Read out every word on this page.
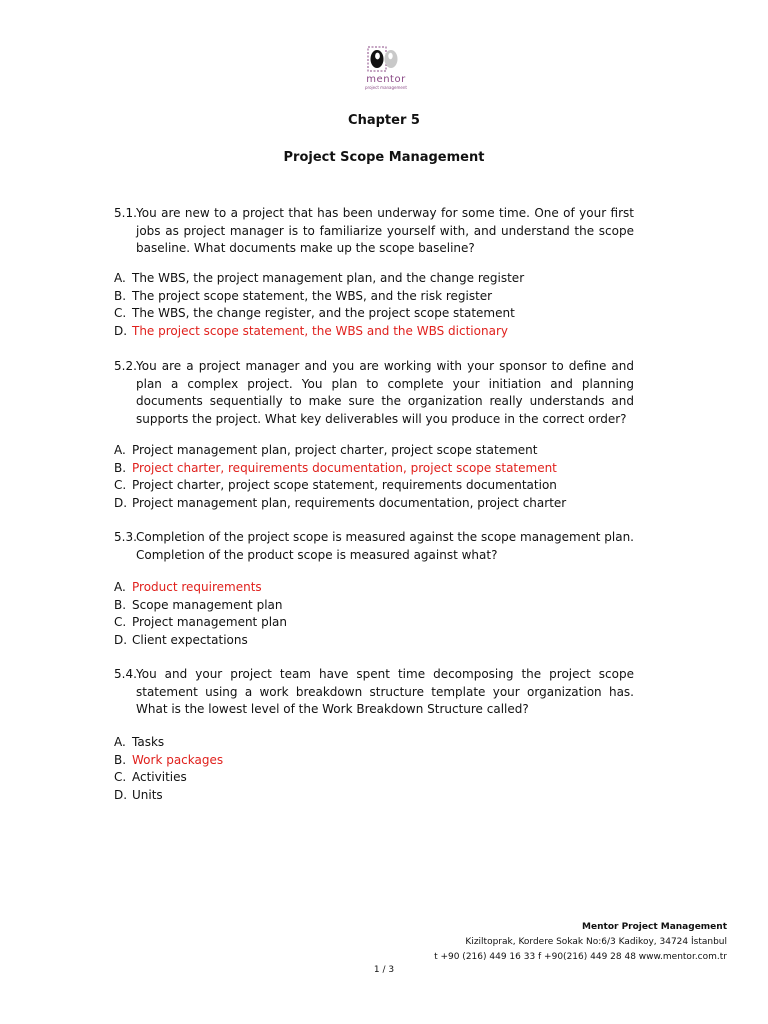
mentor
project management
Chapter 5
Project Scope Management
5.1. You are new to a project that has been underway for some time. One of your first jobs as project manager is to familiarize yourself with, and understand the scope baseline. What documents make up the scope baseline?
A. The WBS, the project management plan, and the change register
B. The project scope statement, the WBS, and the risk register
C. The WBS, the change register, and the project scope statement
D. The project scope statement, the WBS and the WBS dictionary
5.2. You are a project manager and you are working with your sponsor to define and plan a complex project. You plan to complete your initiation and planning documents sequentially to make sure the organization really understands and supports the project. What key deliverables will you produce in the correct order?
A. Project management plan, project charter, project scope statement
B. Project charter, requirements documentation, project scope statement
C. Project charter, project scope statement, requirements documentation
D. Project management plan, requirements documentation, project charter
5.3. Completion of the project scope is measured against the scope management plan. Completion of the product scope is measured against what?
A. Product requirements
B. Scope management plan
C. Project management plan
D. Client expectations
5.4. You and your project team have spent time decomposing the project scope statement using a work breakdown structure template your organization has. What is the lowest level of the Work Breakdown Structure called?
A. Tasks
B. Work packages
C. Activities
D. Units
Mentor Project Management
Kiziltoprak, Kordere Sokak No:6/3 Kadikoy, 34724 İstanbul
t +90 (216) 449 16 33 f +90(216) 449 28 48 www.mentor.com.tr
1 / 3
